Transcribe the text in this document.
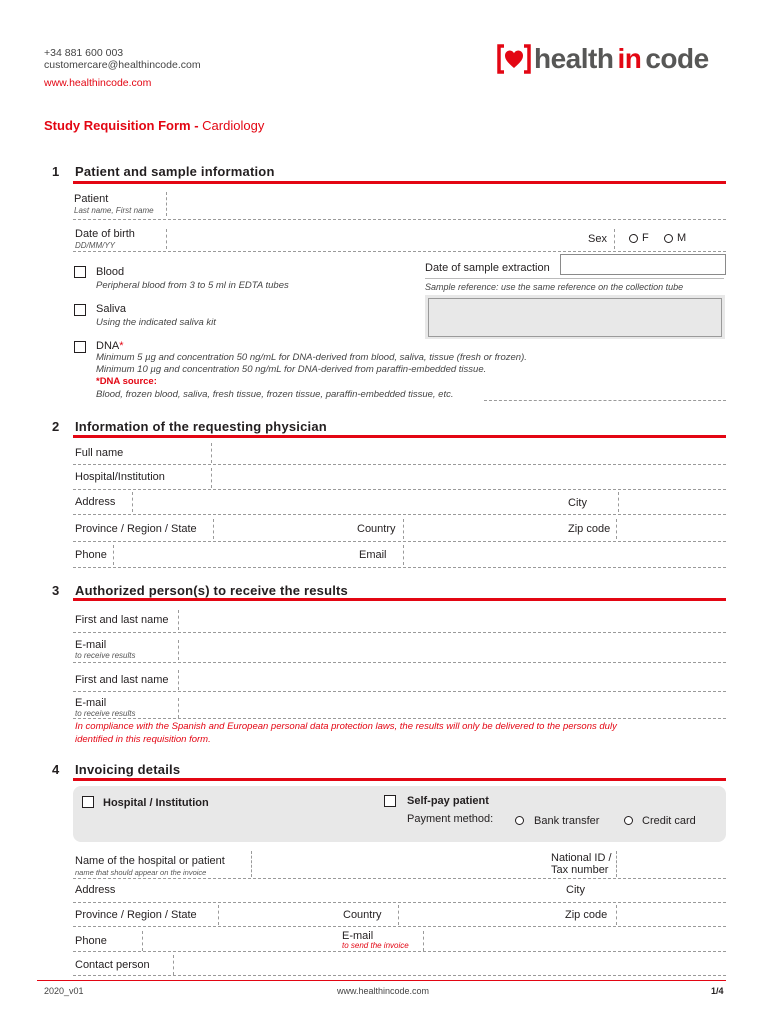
+34 881 600 003
customercare@healthincode.com
www.healthincode.com
health in code
Study Requisition Form - Cardiology
1 Patient and sample information
Patient
Last name, First name
Date of birth
DD/MM/YY
Sex	F	M
Blood
Peripheral blood from 3 to 5 ml in EDTA tubes
Date of sample extraction
Sample reference: use the same reference on the collection tube
Saliva
Using the indicated saliva kit
DNA*
Minimum 5 µg and concentration 50 ng/mL for DNA-derived from blood, saliva, tissue (fresh or frozen).
Minimum 10 µg and concentration 50 ng/mL for DNA-derived from paraffin-embedded tissue.
*DNA source:
Blood, frozen blood, saliva, fresh tissue, frozen tissue, paraffin-embedded tissue, etc.
2 Information of the requesting physician
Full name
Hospital/Institution
Address	City
Province / Region / State	Country	Zip code
Phone	Email
3 Authorized person(s) to receive the results
First and last name
E-mail
to receive results
First and last name
E-mail
to receive results
In compliance with the Spanish and European personal data protection laws, the results will only be delivered to the persons duly
identified in this requisition form.
4 Invoicing details
Hospital / Institution	Self-pay patient
Payment method:	Bank transfer	Credit card
Name of the hospital or patient
name that should appear on the invoice
National ID /
Tax number
Address	City
Province / Region / State	Country	Zip code
Phone	E-mail
to send the invoice
Contact person
2020_v01	www.healthincode.com	1/4
